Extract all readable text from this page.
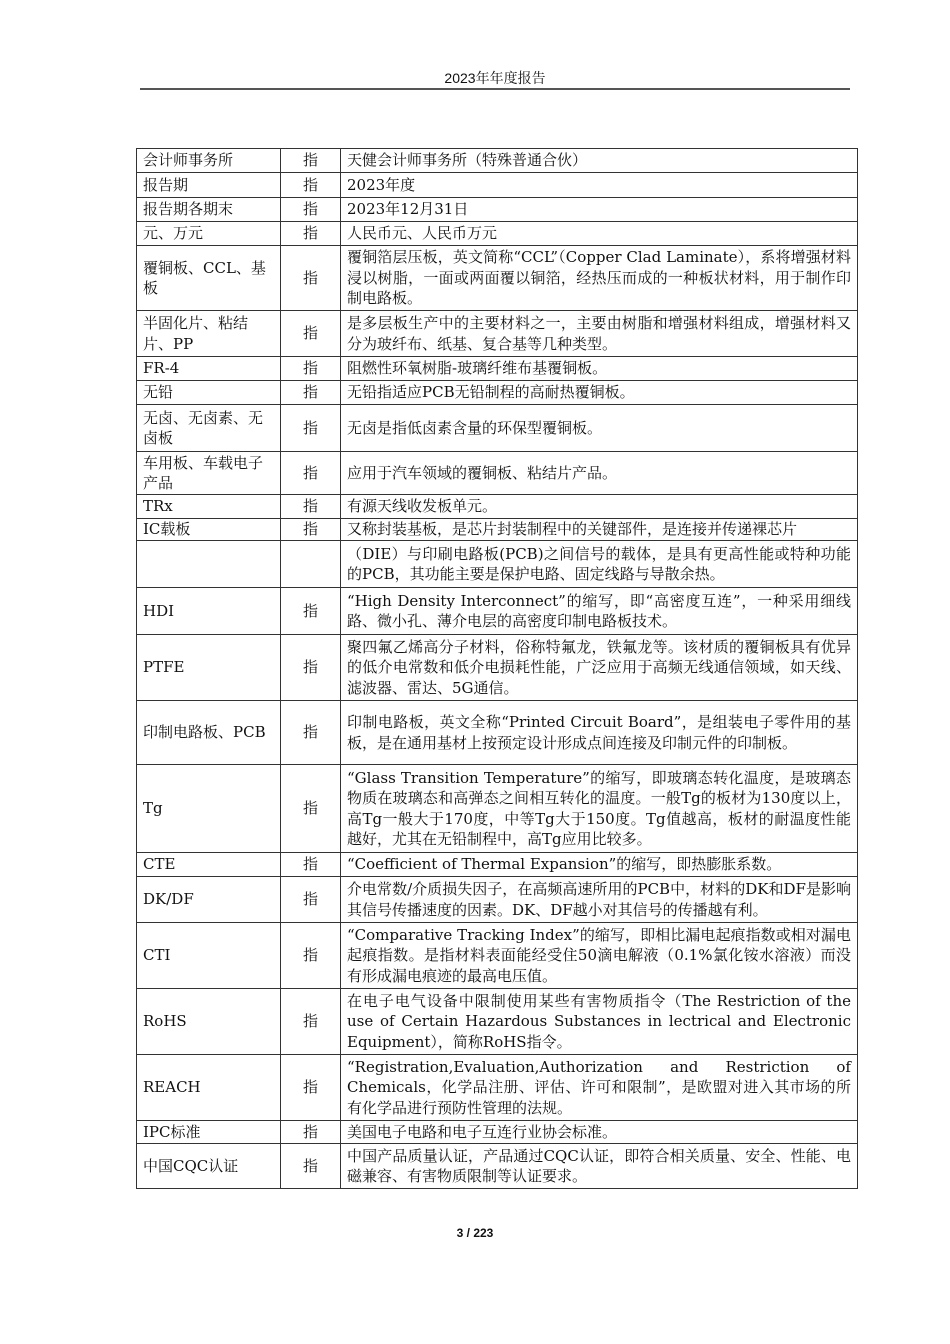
2023年年度报告
会计师事务所	指	天健会计师事务所（特殊普通合伙）
报告期	指	2023年度
报告期各期末	指	2023年12月31日
元、万元	指	人民币元、人民币万元
覆铜板、CCL、基板	指	覆铜箔层压板，英文简称“CCL”（Copper Clad Laminate），系将增强材料浸以树脂，一面或两面覆以铜箔，经热压而成的一种板状材料，用于制作印制电路板。
半固化片、粘结片、PP	指	是多层板生产中的主要材料之一，主要由树脂和增强材料组成，增强材料又分为玻纤布、纸基、复合基等几种类型。
FR-4	指	阻燃性环氧树脂-玻璃纤维布基覆铜板。
无铅	指	无铅指适应PCB无铅制程的高耐热覆铜板。
无卤、无卤素、无卤板	指	无卤是指低卤素含量的环保型覆铜板。
车用板、车载电子产品	指	应用于汽车领域的覆铜板、粘结片产品。
TRx	指	有源天线收发板单元。
IC载板	指	又称封装基板，是芯片封装制程中的关键部件，是连接并传递裸芯片
		（DIE）与印刷电路板(PCB)之间信号的载体，是具有更高性能或特种功能的PCB，其功能主要是保护电路、固定线路与导散余热。
HDI	指	“High Density Interconnect”的缩写，即“高密度互连”，一种采用细线路、微小孔、薄介电层的高密度印制电路板技术。
PTFE	指	聚四氟乙烯高分子材料，俗称特氟龙，铁氟龙等。该材质的覆铜板具有优异的低介电常数和低介电损耗性能，广泛应用于高频无线通信领域，如天线、滤波器、雷达、5G通信。
印制电路板、PCB	指	印制电路板，英文全称“Printed Circuit Board”，是组装电子零件用的基板，是在通用基材上按预定设计形成点间连接及印制元件的印制板。
Tg	指	“Glass Transition Temperature”的缩写，即玻璃态转化温度，是玻璃态物质在玻璃态和高弹态之间相互转化的温度。一般Tg的板材为130度以上，高Tg一般大于170度，中等Tg大于150度。Tg值越高，板材的耐温度性能越好，尤其在无铅制程中，高Tg应用比较多。
CTE	指	“Coefficient of Thermal Expansion”的缩写，即热膨胀系数。
DK/DF	指	介电常数/介质损失因子，在高频高速所用的PCB中，材料的DK和DF是影响其信号传播速度的因素。DK、DF越小对其信号的传播越有利。
CTI	指	“Comparative Tracking Index”的缩写，即相比漏电起痕指数或相对漏电起痕指数。是指材料表面能经受住50滴电解液（0.1%氯化铵水溶液）而没有形成漏电痕迹的最高电压值。
RoHS	指	在电子电气设备中限制使用某些有害物质指令（The Restriction of the use of Certain Hazardous Substances in lectrical and Electronic Equipment），简称RoHS指令。
REACH	指	“Registration,Evaluation,Authorization and Restriction of Chemicals，化学品注册、评估、许可和限制”，是欧盟对进入其市场的所有化学品进行预防性管理的法规。
IPC标准	指	美国电子电路和电子互连行业协会标准。
中国CQC认证	指	中国产品质量认证，产品通过CQC认证，即符合相关质量、安全、性能、电磁兼容、有害物质限制等认证要求。
3 / 223
